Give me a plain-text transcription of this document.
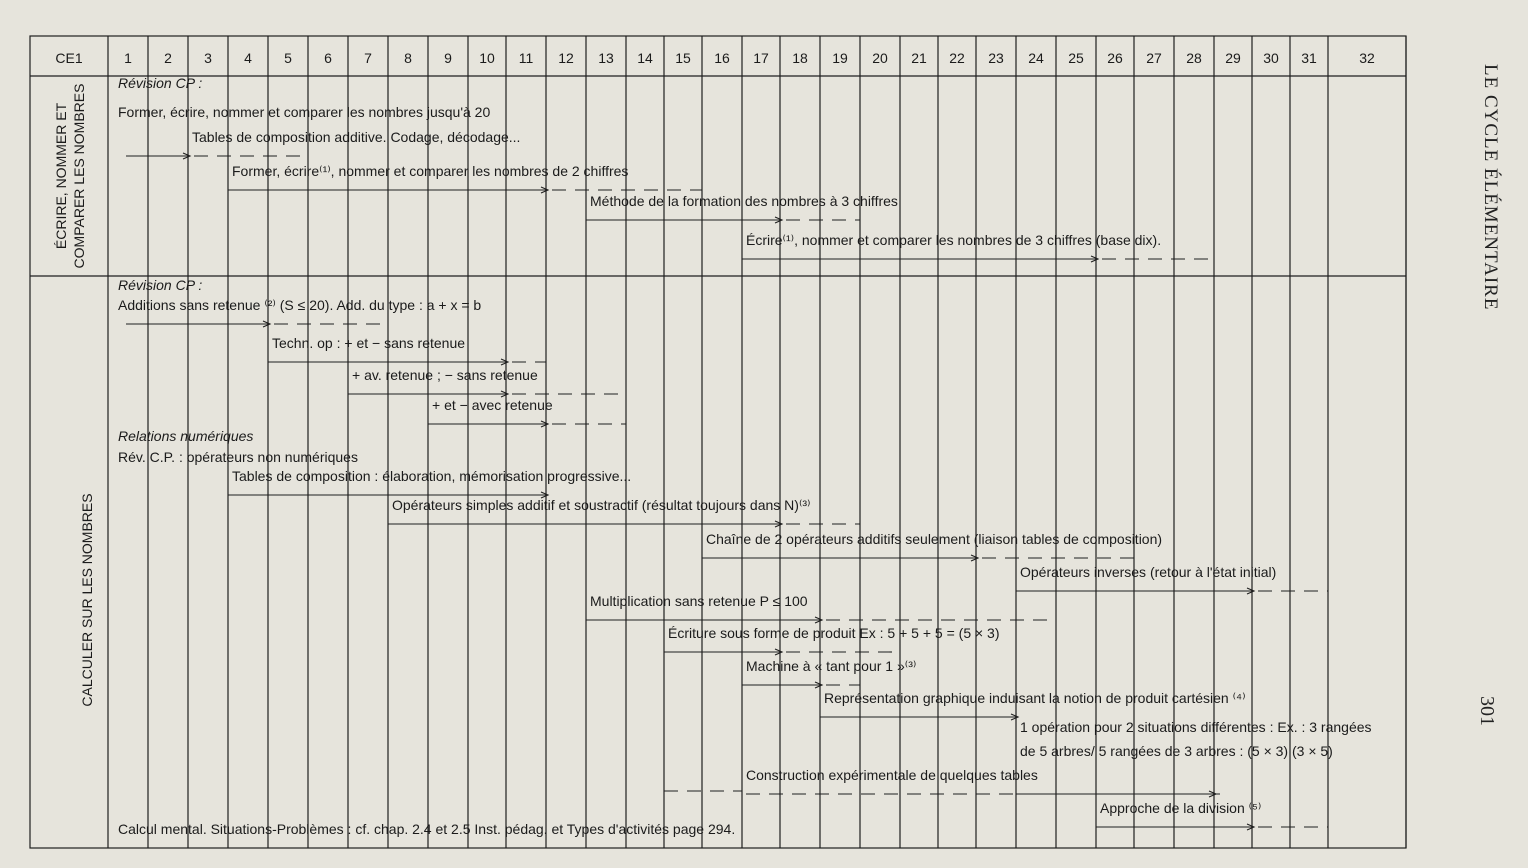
CE1	1 2 3 4 5 6 7 8 9 10 11 12 13 14 15 16 17 18 19 20 21 22 23 24 25 26 27 28 29 30 31	32
ÉCRIRE, NOMMER ET COMPARER LES NOMBRES
CALCULER SUR LES NOMBRES
Révision CP :
Former, écrire, nommer et comparer les nombres jusqu'à 20
Tables de composition additive. Codage, décodage...
Former, écrire⁽¹⁾, nommer et comparer les nombres de 2 chiffres
Méthode de la formation des nombres à 3 chiffres
Écrire⁽¹⁾, nommer et comparer les nombres de 3 chiffres (base dix).
Révision CP :
Additions sans retenue ⁽²⁾ (S ≤ 20). Add. du type : a + x = b
Techn. op : + et − sans retenue
+ av. retenue ; − sans retenue
+ et − avec retenue
Relations numériques
Rév. C.P. : opérateurs non numériques
Tables de composition : élaboration, mémorisation progressive...
Opérateurs simples additif et soustractif (résultat toujours dans N)⁽³⁾
Chaîne de 2 opérateurs additifs seulement (liaison tables de composition)
Opérateurs inverses (retour à l'état initial)
Multiplication sans retenue P ≤ 100
Écriture sous forme de produit Ex : 5 + 5 + 5 = (5 × 3)
Machine à « tant pour 1 »⁽³⁾
Représentation graphique induisant la notion de produit cartésien ⁽⁴⁾
1 opération pour 2 situations différentes : Ex. : 3 rangées
de 5 arbres/ 5 rangées de 3 arbres : (5 × 3) (3 × 5)
Construction expérimentale de quelques tables
Approche de la division ⁽⁵⁾
Calcul mental. Situations-Problèmes : cf. chap. 2.4 et 2.5 Inst. pédag. et Types d'activités page 294.
LE CYCLE ÉLÉMENTAIRE
301
